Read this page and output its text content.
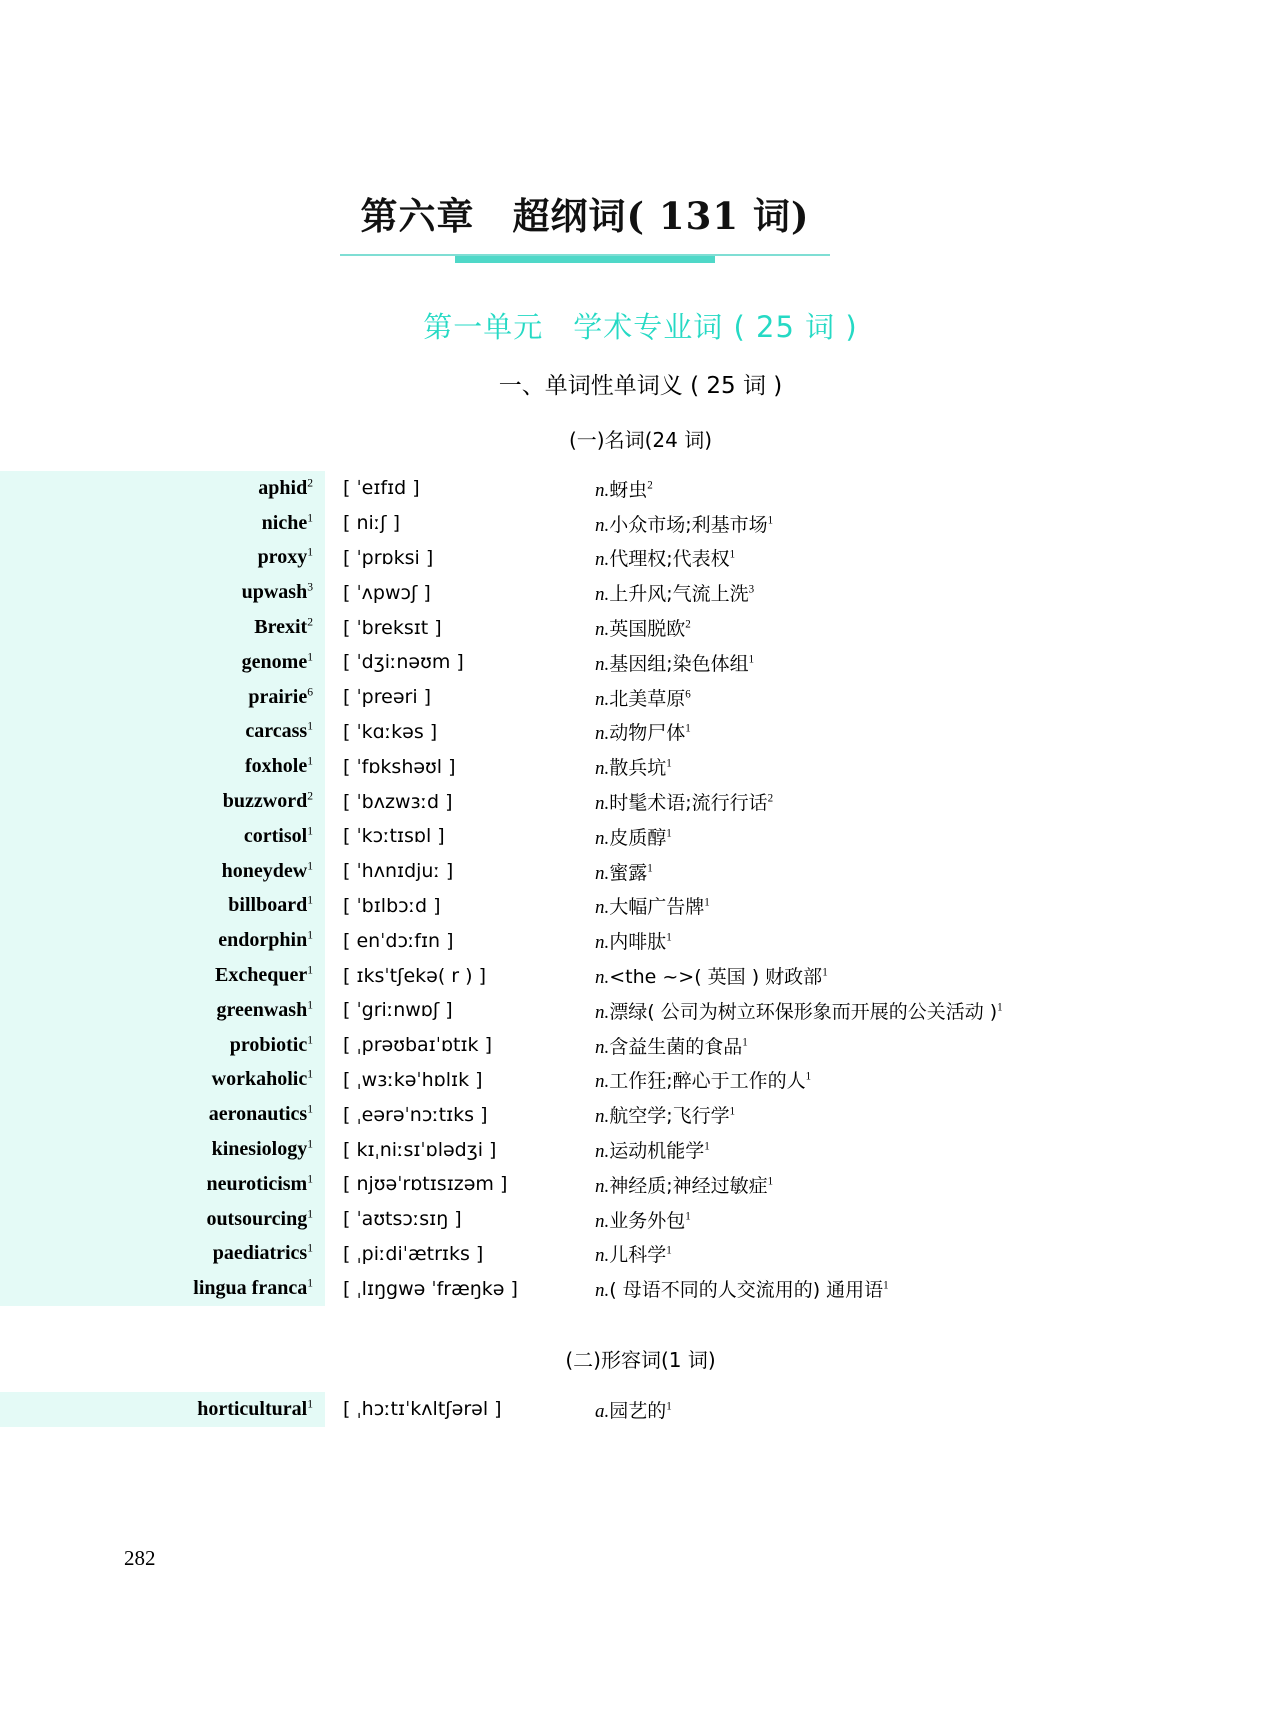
第六章　超纲词( 131 词)
第一单元　学术专业词 ( 25 词 )
一、单词性单词义 ( 25 词 )
(一)名词(24 词)
aphid$^2$	[ ˈeɪfɪd ]	n.蚜虫$^2$
niche$^1$	[ niːʃ ]	n.小众市场;利基市场$^1$
proxy$^1$	[ ˈprɒksi ]	n.代理权;代表权$^1$
upwash$^3$	[ ˈʌpwɔʃ ]	n.上升风;气流上洗$^3$
Brexit$^2$	[ ˈbreksɪt ]	n.英国脱欧$^2$
genome$^1$	[ ˈdʒiːnəʊm ]	n.基因组;染色体组$^1$
prairie$^6$	[ ˈpreəri ]	n.北美草原$^6$
carcass$^1$	[ ˈkɑːkəs ]	n.动物尸体$^1$
foxhole$^1$	[ ˈfɒkshəʊl ]	n.散兵坑$^1$
buzzword$^2$	[ ˈbʌzwɜːd ]	n.时髦术语;流行行话$^2$
cortisol$^1$	[ ˈkɔːtɪsɒl ]	n.皮质醇$^1$
honeydew$^1$	[ ˈhʌnɪdjuː ]	n.蜜露$^1$
billboard$^1$	[ ˈbɪlbɔːd ]	n.大幅广告牌$^1$
endorphin$^1$	[ enˈdɔːfɪn ]	n.内啡肽$^1$
Exchequer$^1$	[ ɪksˈtʃekə( r ) ]	n.<the ~>( 英国 ) 财政部$^1$
greenwash$^1$	[ ˈgriːnwɒʃ ]	n.漂绿( 公司为树立环保形象而开展的公关活动 )$^1$
probiotic$^1$	[ ˌprəʊbaɪˈɒtɪk ]	n.含益生菌的食品$^1$
workaholic$^1$	[ ˌwɜːkəˈhɒlɪk ]	n.工作狂;醉心于工作的人$^1$
aeronautics$^1$	[ ˌeərəˈnɔːtɪks ]	n.航空学;飞行学$^1$
kinesiology$^1$	[ kɪˌniːsɪˈɒlədʒi ]	n.运动机能学$^1$
neuroticism$^1$	[ njʊəˈrɒtɪsɪzəm ]	n.神经质;神经过敏症$^1$
outsourcing$^1$	[ ˈaʊtsɔːsɪŋ ]	n.业务外包$^1$
paediatrics$^1$	[ ˌpiːdiˈætrɪks ]	n.儿科学$^1$
lingua franca$^1$	[ ˌlɪŋgwə ˈfræŋkə ]	n.( 母语不同的人交流用的) 通用语$^1$
(二)形容词(1 词)
horticultural$^1$	[ ˌhɔːtɪˈkʌltʃərəl ]	a.园艺的$^1$
282
